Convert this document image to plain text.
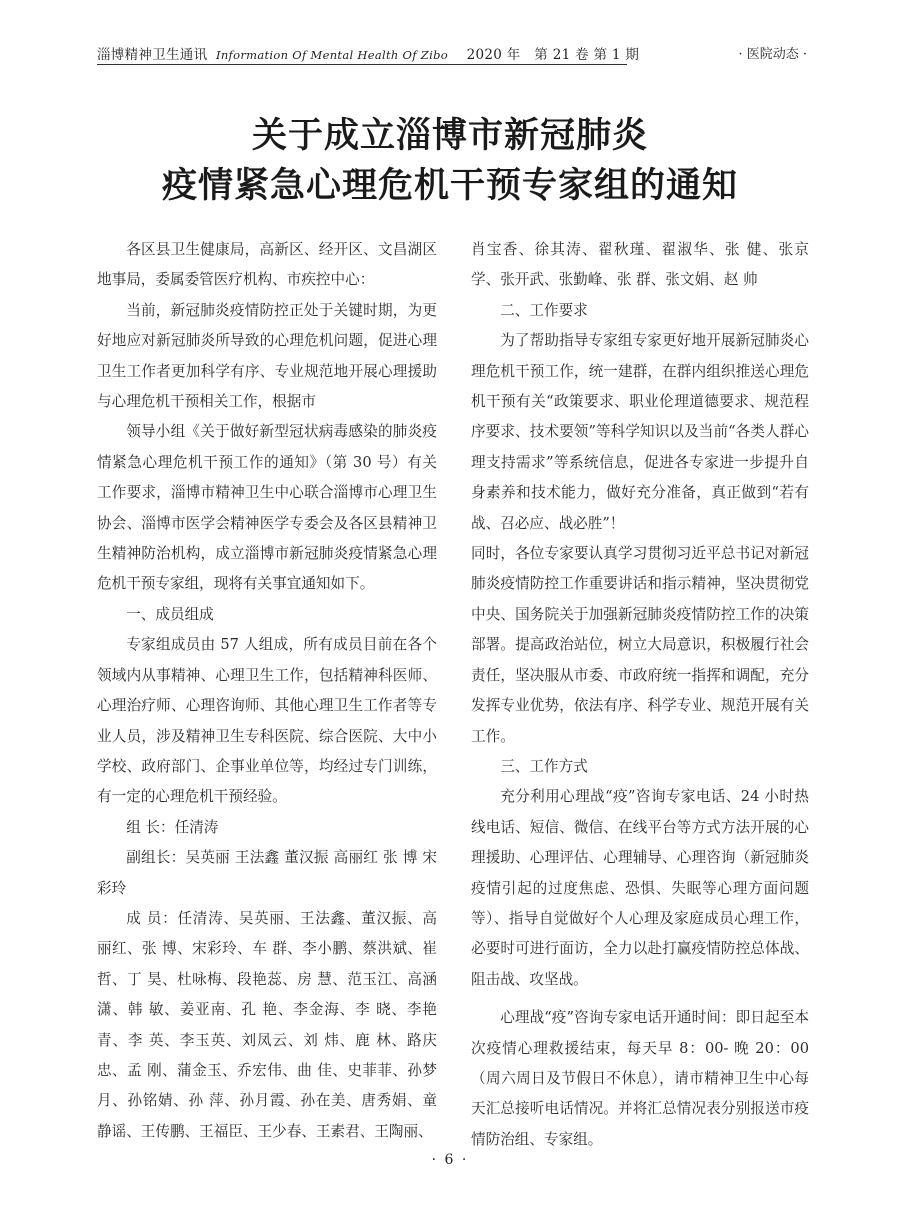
淄博精神卫生通讯 Information Of Mental Health Of Zibo 2020 年　第 21 卷 第 1 期	· 医院动态 ·
关于成立淄博市新冠肺炎
疫情紧急心理危机干预专家组的通知

各区县卫生健康局，高新区、经开区、文昌湖区地事局，委属委管医疗机构、市疾控中心：

当前，新冠肺炎疫情防控正处于关键时期，为更好地应对新冠肺炎所导致的心理危机问题，促进心理卫生工作者更加科学有序、专业规范地开展心理援助与心理危机干预相关工作，根据市

领导小组《关于做好新型冠状病毒感染的肺炎疫情紧急心理危机干预工作的通知》（第 30 号）有关工作要求，淄博市精神卫生中心联合淄博市心理卫生协会、淄博市医学会精神医学专委会及各区县精神卫生精神防治机构，成立淄博市新冠肺炎疫情紧急心理危机干预专家组，现将有关事宜通知如下。

一、成员组成

专家组成员由 57 人组成，所有成员目前在各个领域内从事精神、心理卫生工作，包括精神科医师、心理治疗师、心理咨询师、其他心理卫生工作者等专业人员，涉及精神卫生专科医院、综合医院、大中小学校、政府部门、企事业单位等，均经过专门训练，有一定的心理危机干预经验。

组 长：任清涛

副组长：吴英丽 王法鑫 董汉振 高丽红 张 博 宋彩玲

成 员：任清涛、吴英丽、王法鑫、董汉振、高丽红、张 博、宋彩玲、车 群、李小鹏、蔡洪斌、崔 哲、丁 昊、杜咏梅、段艳蕊、房 慧、范玉江、高涵潇、韩 敏、姜亚南、孔 艳、李金海、李 晓、李艳青、李 英、李玉英、刘凤云、刘 炜、鹿 林、路庆忠、孟 刚、蒲金玉、乔宏伟、曲 佳、史菲菲、孙梦月、孙铭婧、孙 萍、孙月霞、孙在美、唐秀娟、童静谣、王传鹏、王福臣、王少春、王素君、王陶丽、

肖宝香、徐其涛、翟秋瑾、翟淑华、张 健、张京学、张开武、张勤峰、张 群、张文娟、赵 帅

二、工作要求

为了帮助指导专家组专家更好地开展新冠肺炎心理危机干预工作，统一建群，在群内组织推送心理危机干预有关“政策要求、职业伦理道德要求、规范程序要求、技术要领”等科学知识以及当前“各类人群心理支持需求”等系统信息，促进各专家进一步提升自身素养和技术能力，做好充分准备，真正做到“若有战、召必应、战必胜”！

同时，各位专家要认真学习贯彻习近平总书记对新冠肺炎疫情防控工作重要讲话和指示精神，坚决贯彻党中央、国务院关于加强新冠肺炎疫情防控工作的决策部署。提高政治站位，树立大局意识，积极履行社会责任，坚决服从市委、市政府统一指挥和调配，充分发挥专业优势，依法有序、科学专业、规范开展有关工作。

三、工作方式

充分利用心理战“疫”咨询专家电话、24 小时热线电话、短信、微信、在线平台等方式方法开展的心理援助、心理评估、心理辅导、心理咨询（新冠肺炎疫情引起的过度焦虑、恐惧、失眠等心理方面问题等）、指导自觉做好个人心理及家庭成员心理工作，必要时可进行面访，全力以赴打赢疫情防控总体战、阻击战、攻坚战。

心理战“疫”咨询专家电话开通时间：即日起至本次疫情心理救援结束，每天早 8：00- 晚 20：00（周六周日及节假日不休息），请市精神卫生中心每天汇总接听电话情况。并将汇总情况表分别报送市疫情防治组、专家组。

· 6 ·
